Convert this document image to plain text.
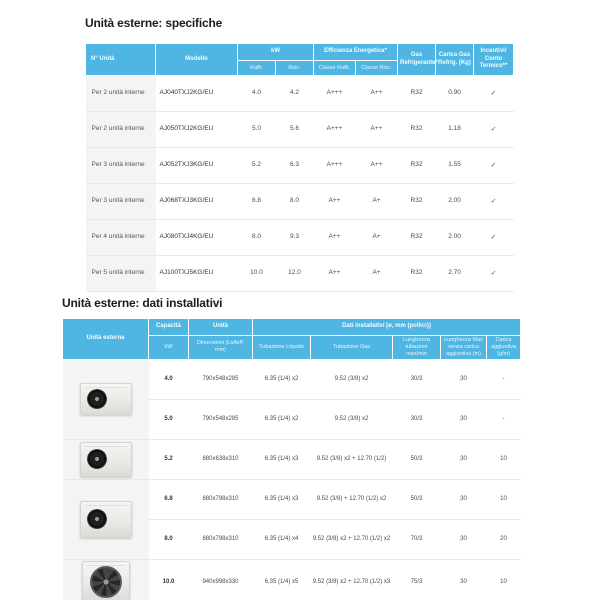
Unità esterne: specifiche
N° Unità	Modello	kW		Efficienza Energetica*		Gas Refrigerante*	Carica Gas Refrig. (Kg)	Incentivi/ Conto Termico**
		Raffr.	Risc.	Classe Raffr.	Classe Risc.			
Per 2 unità interne	AJ040TXJ2KG/EU	4.0	4.2	A+++	A++	R32	0.90	✓
Per 2 unità interne	AJ050TXJ2KG/EU	5.0	5.6	A+++	A++	R32	1.18	✓
Per 3 unità interne	AJ052TXJ3KG/EU	5.2	6.3	A+++	A++	R32	1.55	✓
Per 3 unità interne	AJ068TXJ3KG/EU	6.8	8.0	A++	A+	R32	2.00	✓
Per 4 unità interne	AJ080TXJ4KG/EU	8.0	9.3	A++	A+	R32	2.00	✓
Per 5 unità interne	AJ100TXJ5KG/EU	10.0	12.0	A++	A+	R32	2.70	✓
Unità esterne: dati installativi
Unità esterna	Capacità	Unità	Dati installativi [ø, mm (pollici)]				
	kW	Dimensioni (LxAxP, mm)	Tubazione Liquido	Tubazione Gas	Lunghezza tubazioni max/min	Lunghezza Max senza carica aggiuntiva (m)	Carica aggiuntiva (g/m)

	4.0	790x548x285	6.35 (1/4) x2	9.52 (3/8) x2	30/3	30	-
	5.0	790x548x285	6.35 (1/4) x2	9.52 (3/8) x2	30/3	30	-

	5.2	880x638x310	6.35 (1/4) x3	9.52 (3/8) x2 + 12.70 (1/2)	50/3	30	10

	6.8	880x798x310	6.35 (1/4) x3	9.52 (3/8) + 12.70 (1/2) x2	50/3	30	10
	8.0	880x798x310	6.35 (1/4) x4	9.52 (3/8) x2 + 12.70 (1/2) x2	70/3	30	20

	10.0	940x998x330	6.35 (1/4) x5	9.52 (3/8) x2 + 12.70 (1/2) x3	75/3	30	10
